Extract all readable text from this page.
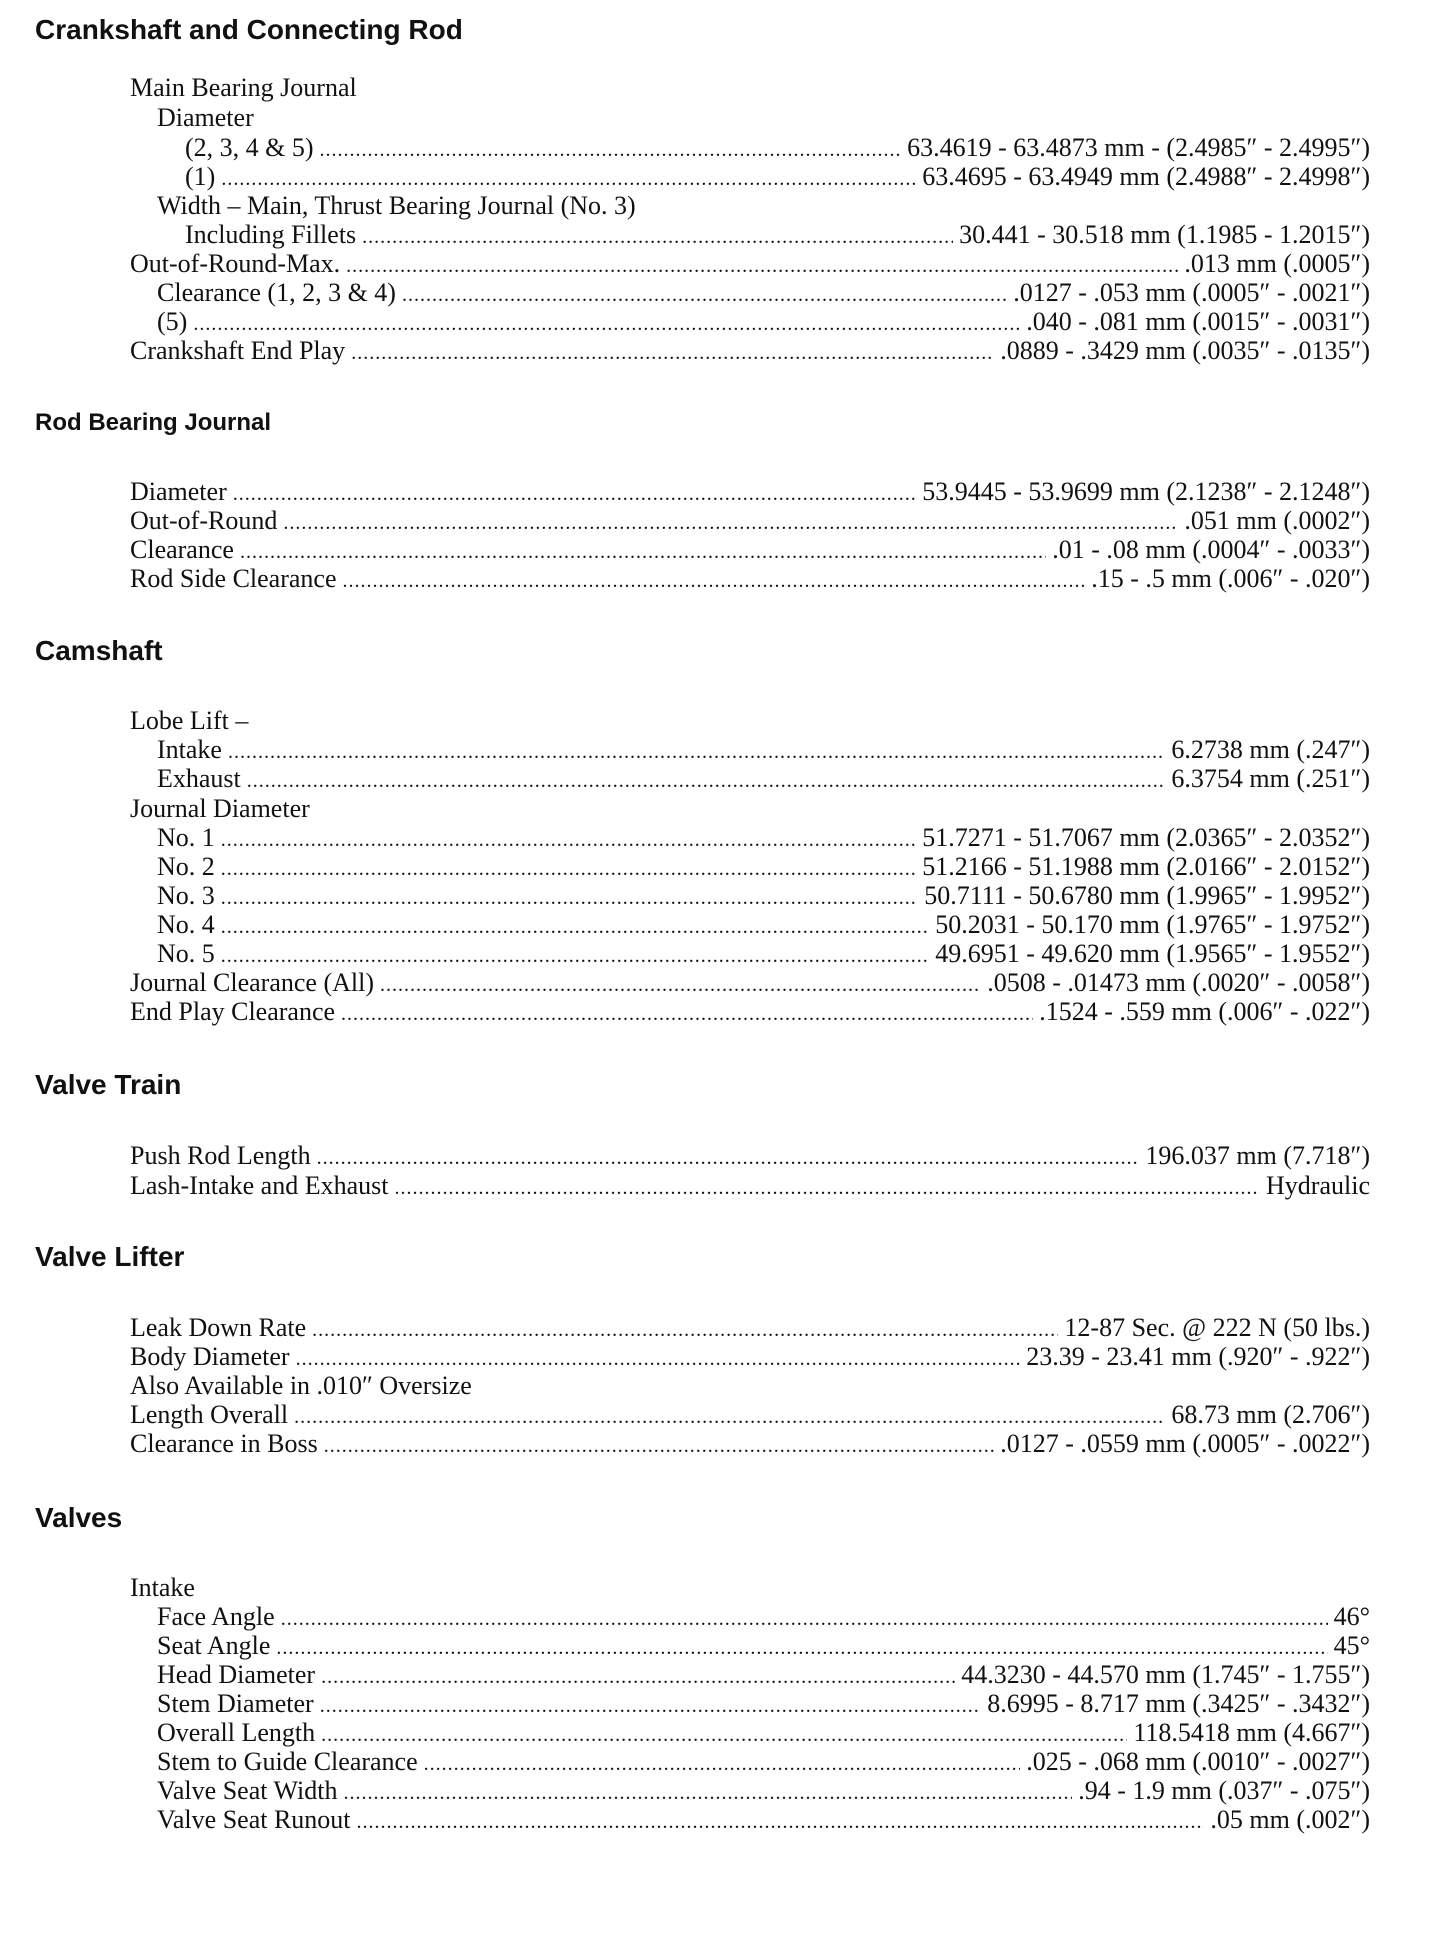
Crankshaft and Connecting Rod
Main Bearing Journal
Diameter
(2, 3, 4 & 5) .....	63.4619 - 63.4873 mm - (2.4985″ - 2.4995″)
(1) .....	63.4695 - 63.4949 mm (2.4988″ - 2.4998″)
Width – Main, Thrust Bearing Journal (No. 3)
Including Fillets .....	30.441 - 30.518 mm (1.1985 - 1.2015″)
Out-of-Round-Max. .....	.013 mm (.0005″)
Clearance (1, 2, 3 & 4) .....	.0127 - .053 mm (.0005″ - .0021″)
(5) .....	.040 - .081 mm (.0015″ - .0031″)
Crankshaft End Play .....	.0889 - .3429 mm (.0035″ - .0135″)
Rod Bearing Journal
Diameter .....	53.9445 - 53.9699 mm (2.1238″ - 2.1248″)
Out-of-Round .....	.051 mm (.0002″)
Clearance .....	.01 - .08 mm (.0004″ - .0033″)
Rod Side Clearance .....	.15 - .5 mm (.006″ - .020″)
Camshaft
Lobe Lift –
Intake .....	6.2738 mm (.247″)
Exhaust .....	6.3754 mm (.251″)
Journal Diameter
No. 1 .....	51.7271 - 51.7067 mm (2.0365″ - 2.0352″)
No. 2 .....	51.2166 - 51.1988 mm (2.0166″ - 2.0152″)
No. 3 .....	50.7111 - 50.6780 mm (1.9965″ - 1.9952″)
No. 4 .....	50.2031 - 50.170 mm (1.9765″ - 1.9752″)
No. 5 .....	49.6951 - 49.620 mm (1.9565″ - 1.9552″)
Journal Clearance (All) .....	.0508 - .01473 mm (.0020″ - .0058″)
End Play Clearance .....	.1524 - .559 mm (.006″ - .022″)
Valve Train
Push Rod Length .....	196.037 mm (7.718″)
Lash-Intake and Exhaust .....	Hydraulic
Valve Lifter
Leak Down Rate .....	12-87 Sec. @ 222 N (50 lbs.)
Body Diameter .....	23.39 - 23.41 mm (.920″ - .922″)
Also Available in .010″ Oversize
Length Overall .....	68.73 mm (2.706″)
Clearance in Boss .....	.0127 - .0559 mm (.0005″ - .0022″)
Valves
Intake
Face Angle .....	46°
Seat Angle .....	45°
Head Diameter .....	44.3230 - 44.570 mm (1.745″ - 1.755″)
Stem Diameter .....	8.6995 - 8.717 mm (.3425″ - .3432″)
Overall Length .....	118.5418 mm (4.667″)
Stem to Guide Clearance .....	.025 - .068 mm (.0010″ - .0027″)
Valve Seat Width .....	.94 - 1.9 mm (.037″ - .075″)
Valve Seat Runout .....	.05 mm (.002″)
